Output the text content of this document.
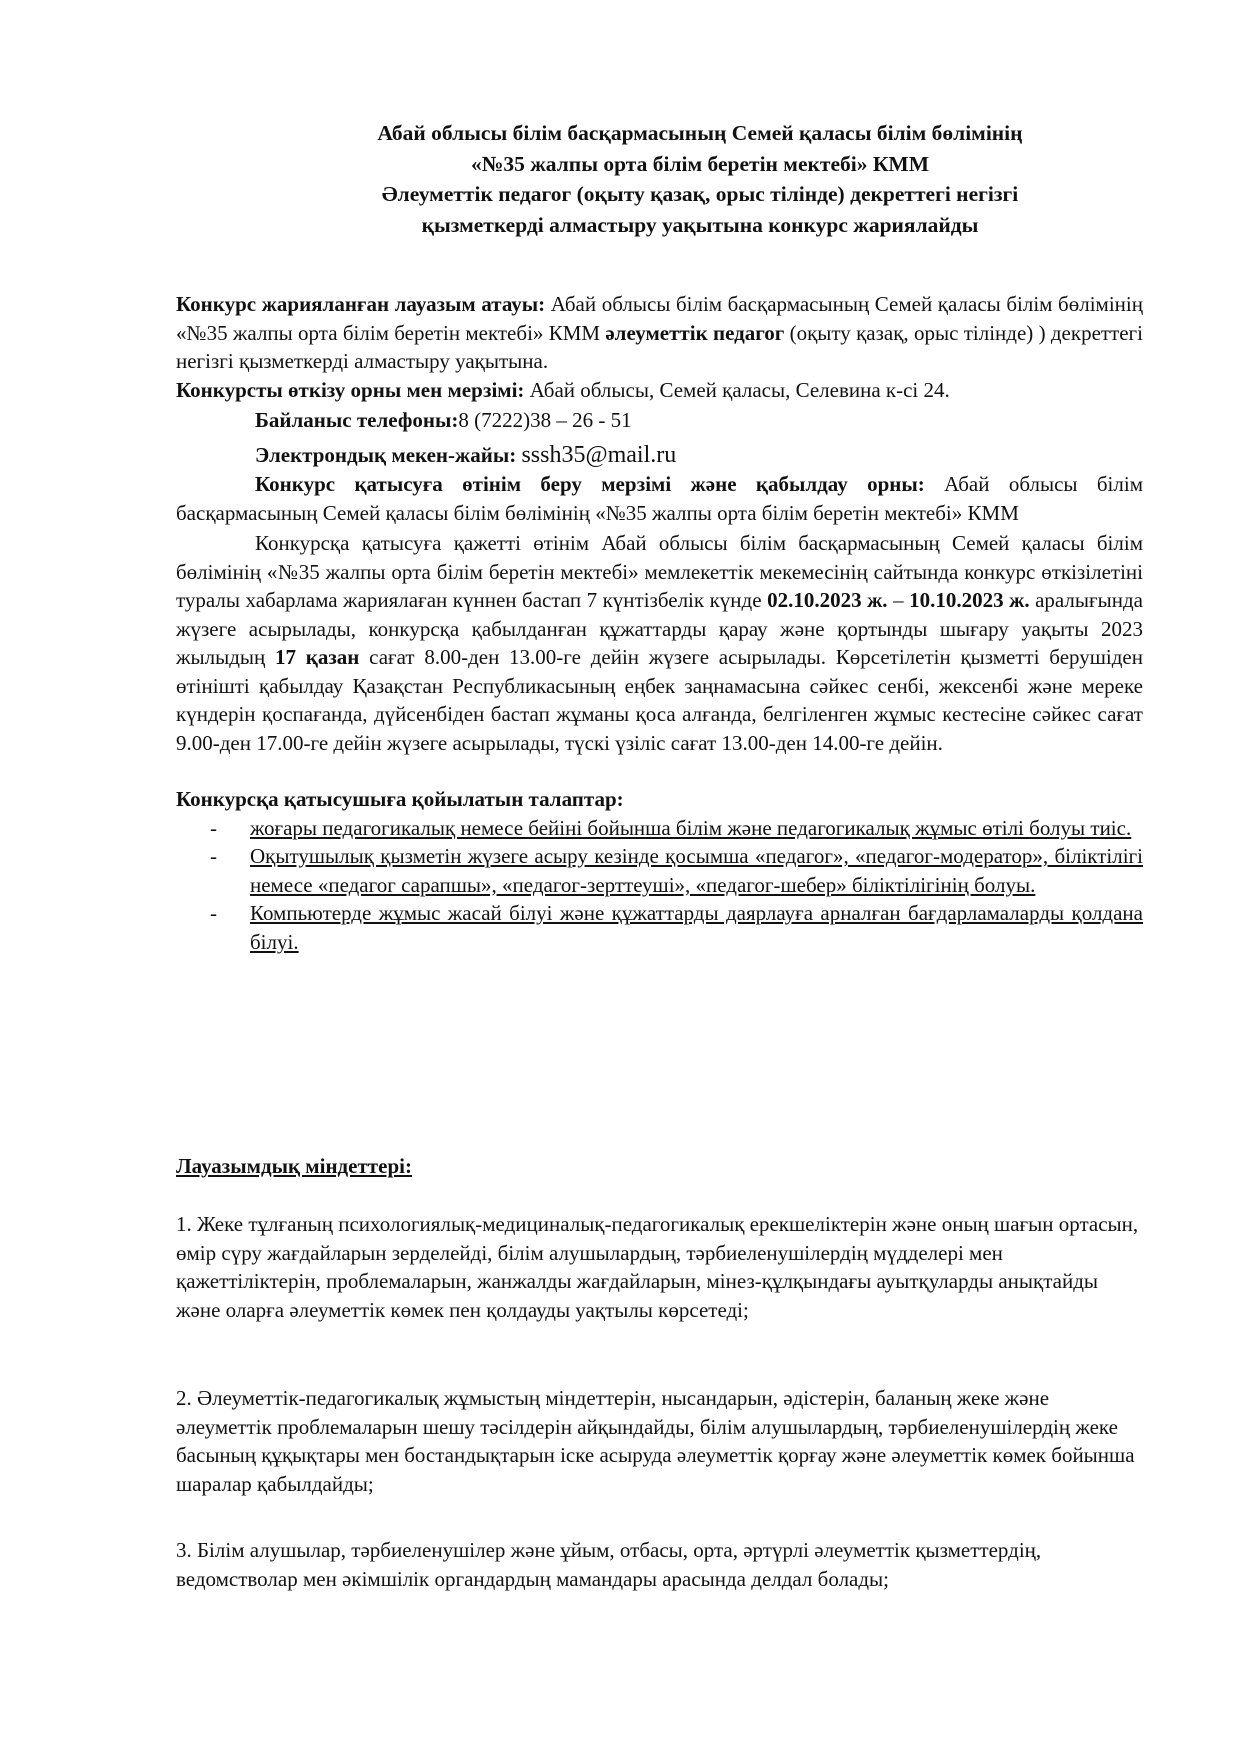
Абай облысы білім басқармасының Семей қаласы білім бөлімінің
«№35 жалпы орта білім беретін мектебі» КММ
Әлеуметтік педагог (оқыту қазақ, орыс тілінде) декреттегі негізгі
қызметкерді алмастыру уақытына конкурс жариялайды
Конкурс жарияланған лауазым атауы: Абай облысы білім басқармасының Семей қаласы білім бөлімінің «№35 жалпы орта білім беретін мектебі» КММ әлеуметтік педагог (оқыту қазақ, орыс тілінде) ) декреттегі негізгі қызметкерді алмастыру уақытына.
Конкурсты өткізу орны мен мерзімі: Абай облысы, Семей қаласы, Селевина к-сі 24.
Байланыс телефоны:8 (7222)38 – 26 - 51
Электрондық мекен-жайы: sssh35@mail.ru
Конкурс қатысуға өтінім беру мерзімі және қабылдау орны: Абай облысы білім басқармасының Семей қаласы білім бөлімінің «№35 жалпы орта білім беретін мектебі» КММ
Конкурсқа қатысуға қажетті өтінім Абай облысы білім басқармасының Семей қаласы білім бөлімінің «№35 жалпы орта білім беретін мектебі» мемлекеттік мекемесінің сайтында конкурс өткізілетіні туралы хабарлама жариялаған күннен бастап 7 күнтізбелік күнде 02.10.2023 ж. – 10.10.2023 ж. аралығында жүзеге асырылады, конкурсқа қабылданған құжаттарды қарау және қортынды шығару уақыты 2023 жылыдың 17 қазан сағат 8.00-ден 13.00-ге дейін жүзеге асырылады. Көрсетілетін қызметті берушіден өтінішті қабылдау Қазақстан Республикасының еңбек заңнамасына сәйкес сенбі, жексенбі және мереке күндерін қоспағанда, дүйсенбіден бастап жұманы қоса алғанда, белгіленген жұмыс кестесіне сәйкес сағат 9.00-ден 17.00-ге дейін жүзеге асырылады, түскі үзіліс сағат 13.00-ден 14.00-ге дейін.
Конкурсқа қатысушыға қойылатын талаптар:
- жоғары педагогикалық немесе бейіні бойынша білім және педагогикалық жұмыс өтілі болуы тиіс.
- Оқытушылық қызметін жүзеге асыру кезінде қосымша «педагог», «педагог-модератор», біліктілігі немесе «педагог сарапшы», «педагог-зерттеуші», «педагог-шебер» біліктілігінің болуы.
- Компьютерде жұмыс жасай білуі және құжаттарды даярлауға арналған бағдарламаларды қолдана білуі.
Лауазымдық міндеттері:
1. Жеке тұлғаның психологиялық-медициналық-педагогикалық ерекшеліктерін және оның шағын ортасын, өмір сүру жағдайларын зерделейді, білім алушылардың, тәрбиеленушілердің мүдделері мен қажеттіліктерін, проблемаларын, жанжалды жағдайларын, мінез-құлқындағы ауытқуларды анықтайды және оларға әлеуметтік көмек пен қолдауды уақтылы көрсетеді;
2. Әлеуметтік-педагогикалық жұмыстың міндеттерін, нысандарын, әдістерін, баланың жеке және әлеуметтік проблемаларын шешу тәсілдерін айқындайды, білім алушылардың, тәрбиеленушілердің жеке басының құқықтары мен бостандықтарын іске асыруда әлеуметтік қорғау және әлеуметтік көмек бойынша шаралар қабылдайды;
3. Білім алушылар, тәрбиеленушілер және ұйым, отбасы, орта, әртүрлі әлеуметтік қызметтердің, ведомстволар мен әкімшілік органдардың мамандары арасында делдал болады;
